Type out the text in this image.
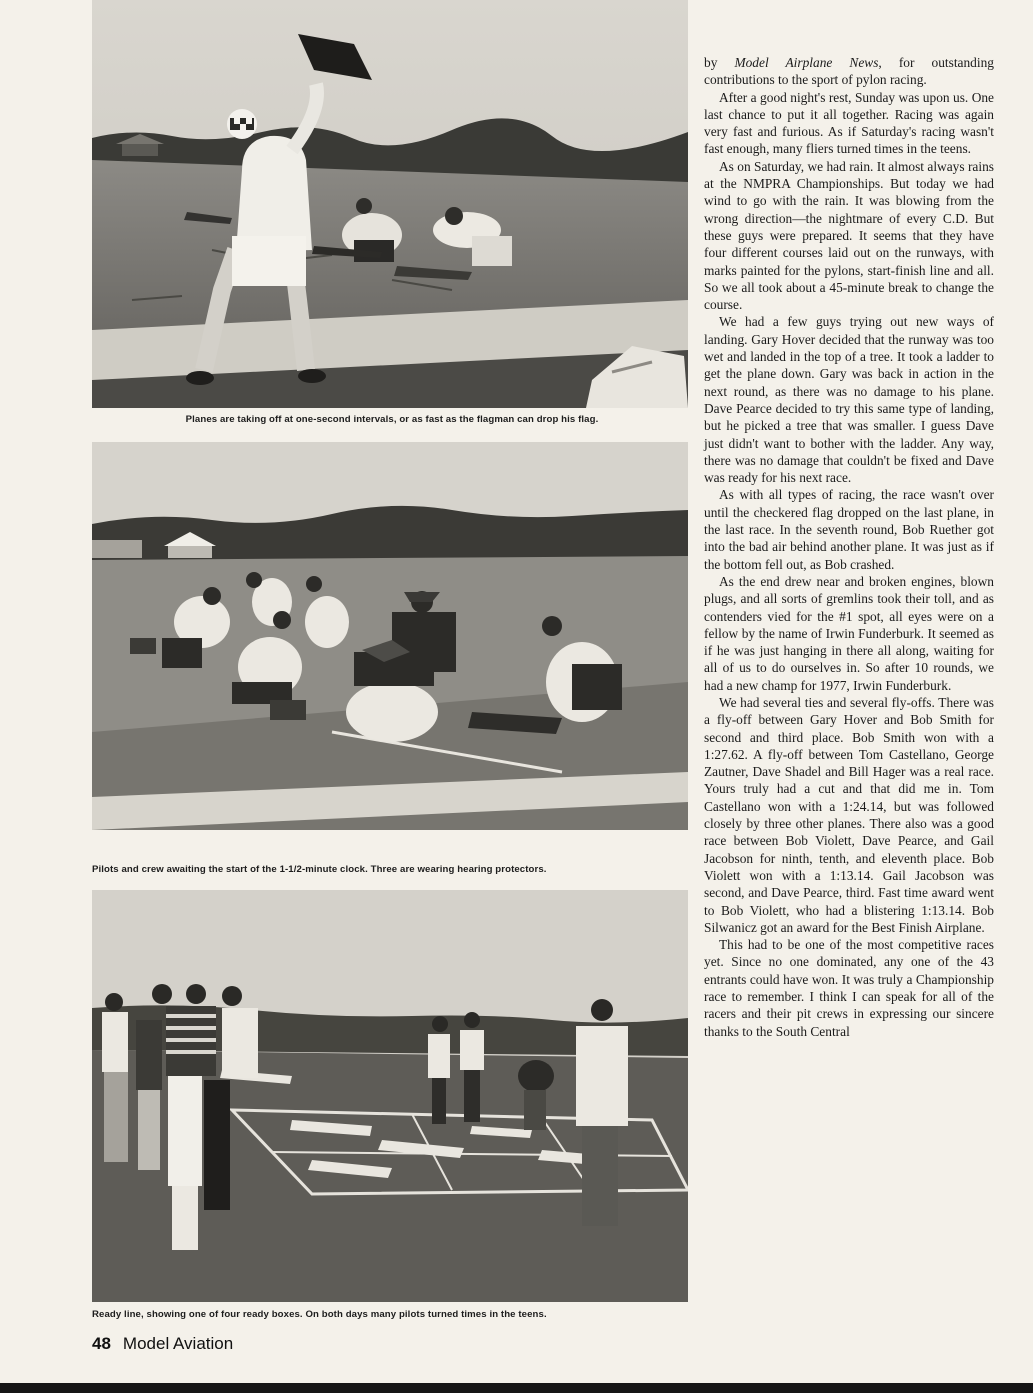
Planes are taking off at one-second intervals, or as fast as the flagman can drop his flag.
Pilots and crew awaiting the start of the 1-1/2-minute clock. Three are wearing hearing protectors.
Ready line, showing one of four ready boxes. On both days many pilots turned times in the teens.

by Model Airplane News, for outstanding contributions to the sport of pylon racing.

After a good night's rest, Sunday was upon us. One last chance to put it all together. Racing was again very fast and furious. As if Saturday's racing wasn't fast enough, many fliers turned times in the teens.

As on Saturday, we had rain. It almost always rains at the NMPRA Championships. But today we had wind to go with the rain. It was blowing from the wrong direction—the nightmare of every C.D. But these guys were prepared. It seems that they have four different courses laid out on the runways, with marks painted for the pylons, start-finish line and all. So we all took about a 45-minute break to change the course.

We had a few guys trying out new ways of landing. Gary Hover decided that the runway was too wet and landed in the top of a tree. It took a ladder to get the plane down. Gary was back in action in the next round, as there was no damage to his plane. Dave Pearce decided to try this same type of landing, but he picked a tree that was smaller. I guess Dave just didn't want to bother with the ladder. Any way, there was no damage that couldn't be fixed and Dave was ready for his next race.

As with all types of racing, the race wasn't over until the checkered flag dropped on the last plane, in the last race. In the seventh round, Bob Ruether got into the bad air behind another plane. It was just as if the bottom fell out, as Bob crashed.

As the end drew near and broken engines, blown plugs, and all sorts of gremlins took their toll, and as contenders vied for the #1 spot, all eyes were on a fellow by the name of Irwin Funderburk. It seemed as if he was just hanging in there all along, waiting for all of us to do ourselves in. So after 10 rounds, we had a new champ for 1977, Irwin Funderburk.

We had several ties and several fly-offs. There was a fly-off between Gary Hover and Bob Smith for second and third place. Bob Smith won with a 1:27.62. A fly-off between Tom Castellano, George Zautner, Dave Shadel and Bill Hager was a real race. Yours truly had a cut and that did me in. Tom Castellano won with a 1:24.14, but was followed closely by three other planes. There also was a good race between Bob Violett, Dave Pearce, and Gail Jacobson for ninth, tenth, and eleventh place. Bob Violett won with a 1:13.14. Gail Jacobson was second, and Dave Pearce, third. Fast time award went to Bob Violett, who had a blistering 1:13.14. Bob Silwanicz got an award for the Best Finish Airplane.

This had to be one of the most competitive races yet. Since no one dominated, any one of the 43 entrants could have won. It was truly a Championship race to remember. I think I can speak for all of the racers and their pit crews in expressing our sincere thanks to the South Central

48 Model Aviation
